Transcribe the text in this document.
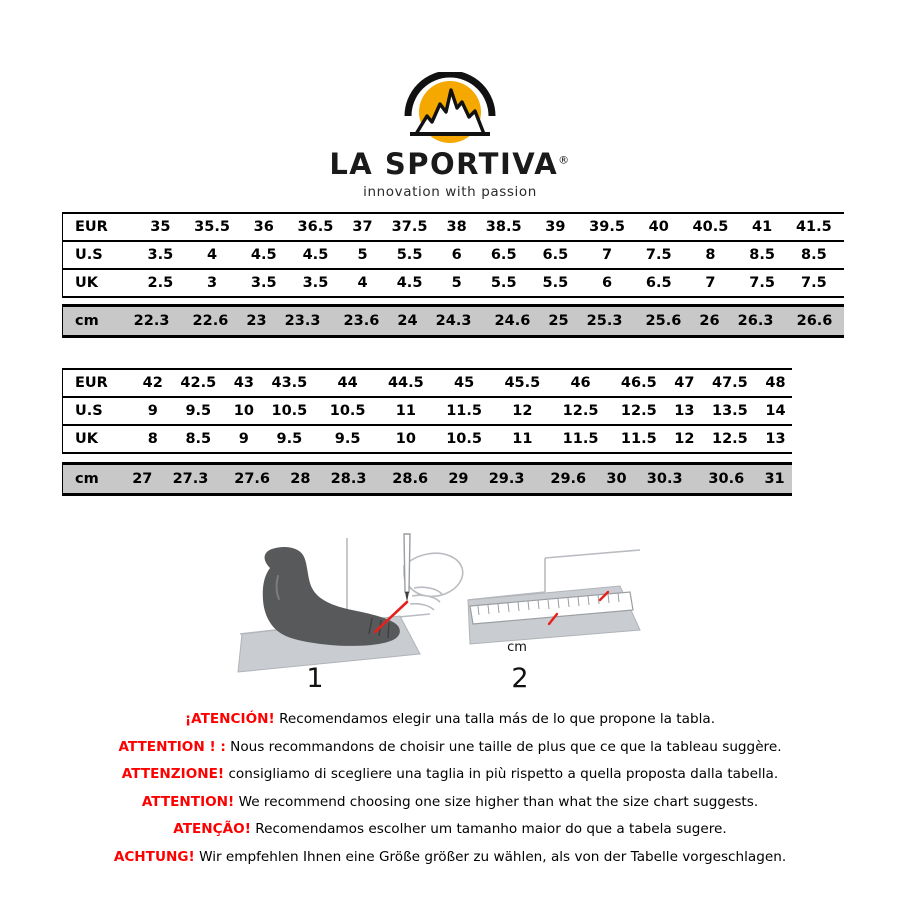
LA SPORTIVA®
innovation with passion
EUR	35	35.5	36	36.5	37	37.5	38	38.5	39	39.5	40	40.5	41	41.5
U.S	3.5	4	4.5	4.5	5	5.5	6	6.5	6.5	7	7.5	8	8.5	8.5
UK	2.5	3	3.5	3.5	4	4.5	5	5.5	5.5	6	6.5	7	7.5	7.5
cm	22.3	22.6	23	23.3	23.6	24	24.3	24.6	25	25.3	25.6	26	26.3	26.6
EUR	42	42.5	43	43.5	44	44.5	45	45.5	46	46.5	47	47.5	48
U.S	9	9.5	10	10.5	10.5	11	11.5	12	12.5	12.5	13	13.5	14
UK	8	8.5	9	9.5	9.5	10	10.5	11	11.5	11.5	12	12.5	13
cm	27	27.3	27.6	28	28.3	28.6	29	29.3	29.6	30	30.3	30.6	31
cm
1	2
¡ATENCIÓN! Recomendamos elegir una talla más de lo que propone la tabla.
ATTENTION ! : Nous recommandons de choisir une taille de plus que ce que la tableau suggère.
ATTENZIONE! consigliamo di scegliere una taglia in più rispetto a quella proposta dalla tabella.
ATTENTION! We recommend choosing one size higher than what the size chart suggests.
ATENÇÃO! Recomendamos escolher um tamanho maior do que a tabela sugere.
ACHTUNG! Wir empfehlen Ihnen eine Größe größer zu wählen, als von der Tabelle vorgeschlagen.
